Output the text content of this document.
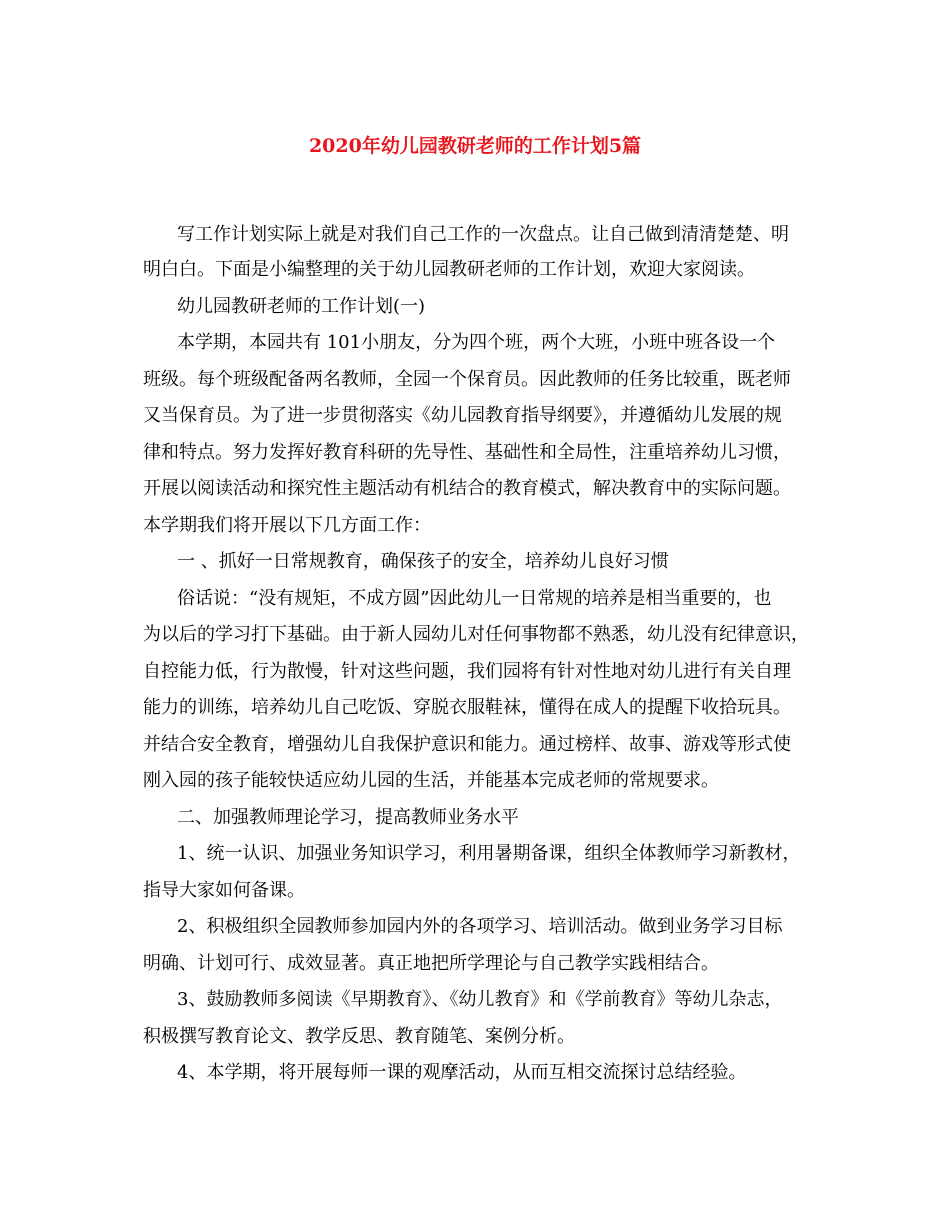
2020年幼儿园教研老师的工作计划5篇
写工作计划实际上就是对我们自己工作的一次盘点。让自己做到清清楚楚、明
明白白。下面是小编整理的关于幼儿园教研老师的工作计划，欢迎大家阅读。
幼儿园教研老师的工作计划(一)
本学期，本园共有 101小朋友，分为四个班，两个大班，小班中班各设一个
班级。每个班级配备两名教师，全园一个保育员。因此教师的任务比较重，既老师
又当保育员。为了进一步贯彻落实《幼儿园教育指导纲要》，并遵循幼儿发展的规
律和特点。努力发挥好教育科研的先导性、基础性和全局性，注重培养幼儿习惯，
开展以阅读活动和探究性主题活动有机结合的教育模式，解决教育中的实际问题。
本学期我们将开展以下几方面工作：
一 、抓好一日常规教育，确保孩子的安全，培养幼儿良好习惯
俗话说：“没有规矩，不成方圆”因此幼儿一日常规的培养是相当重要的，也
为以后的学习打下基础。由于新人园幼儿对任何事物都不熟悉，幼儿没有纪律意识，
自控能力低，行为散慢，针对这些问题，我们园将有针对性地对幼儿进行有关自理
能力的训练，培养幼儿自己吃饭、穿脱衣服鞋袜，懂得在成人的提醒下收拾玩具。
并结合安全教育，增强幼儿自我保护意识和能力。通过榜样、故事、游戏等形式使
刚入园的孩子能较快适应幼儿园的生活，并能基本完成老师的常规要求。
二、加强教师理论学习，提高教师业务水平
1、统一认识、加强业务知识学习，利用暑期备课，组织全体教师学习新教材，
指导大家如何备课。
2、积极组织全园教师参加园内外的各项学习、培训活动。做到业务学习目标
明确、计划可行、成效显著。真正地把所学理论与自己教学实践相结合。
3、鼓励教师多阅读《早期教育》、《幼儿教育》和《学前教育》等幼儿杂志，
积极撰写教育论文、教学反思、教育随笔、案例分析。
4、本学期，将开展每师一课的观摩活动，从而互相交流探讨总结经验。
